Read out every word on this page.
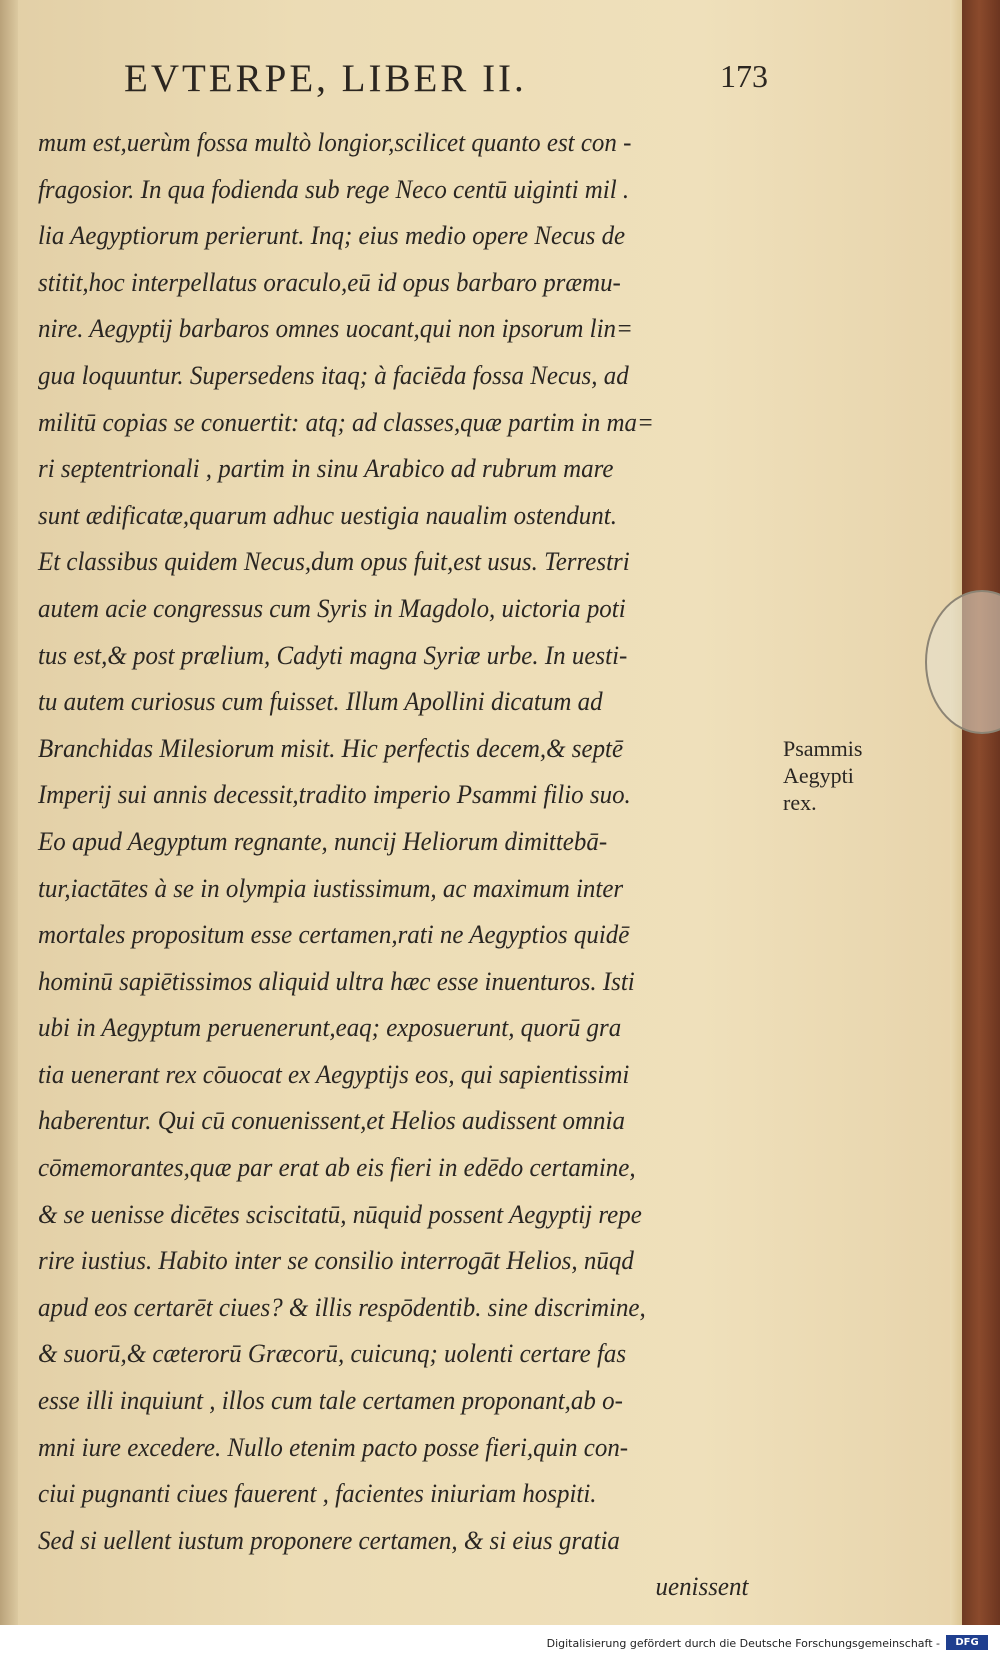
EVTERPE, LIBER II.	173
mum est,uerùm fossa multò longior,scilicet quanto est con -
fragosior. In qua fodienda sub rege Neco centū uiginti mil .
lia Aegyptiorum perierunt. Inq; eius medio opere Necus de
stitit,hoc interpellatus oraculo,eū id opus barbaro præmu-
nire. Aegyptij barbaros omnes uocant,qui non ipsorum lin=
gua loquuntur. Supersedens itaq; à faciēda fossa Necus, ad
militū copias se conuertit: atq; ad classes,quæ partim in ma=
ri septentrionali , partim in sinu Arabico ad rubrum mare
sunt ædificatæ,quarum adhuc uestigia naualim ostendunt.
Et classibus quidem Necus,dum opus fuit,est usus. Terrestri
autem acie congressus cum Syris in Magdolo, uictoria poti
tus est,& post prælium, Cadyti magna Syriæ urbe. In uesti-
tu autem curiosus cum fuisset. Illum Apollini dicatum ad
Branchidas Milesiorum misit. Hic perfectis decem,& septē
Imperij sui annis decessit,tradito imperio Psammi filio suo.
Eo apud Aegyptum regnante, nuncij Heliorum dimittebā-
tur,iactātes à se in olympia iustissimum, ac maximum inter
mortales propositum esse certamen,rati ne Aegyptios quidē
hominū sapiētissimos aliquid ultra hæc esse inuenturos. Isti
ubi in Aegyptum peruenerunt,eaq; exposuerunt, quorū gra
tia uenerant rex cōuocat ex Aegyptijs eos, qui sapientissimi
haberentur. Qui cū conuenissent,et Helios audissent omnia
cōmemorantes,quæ par erat ab eis fieri in edēdo certamine,
& se uenisse dicētes sciscitatū, nūquid possent Aegyptij repe
rire iustius. Habito inter se consilio interrogāt Helios, nūqd
apud eos certarēt ciues? & illis respōdentib. sine discrimine,
& suorū,& cæterorū Græcorū, cuicunq; uolenti certare fas
esse illi inquiunt , illos cum tale certamen proponant,ab o-
mni iure excedere. Nullo etenim pacto posse fieri,quin con-
ciui pugnanti ciues fauerent , facientes iniuriam hospiti.
Sed si uellent iustum proponere certamen, & si eius gratia
uenissent
Psammis
Aegypti
rex.
Digitalisierung gefördert durch die Deutsche Forschungsgemeinschaft -	DFG
